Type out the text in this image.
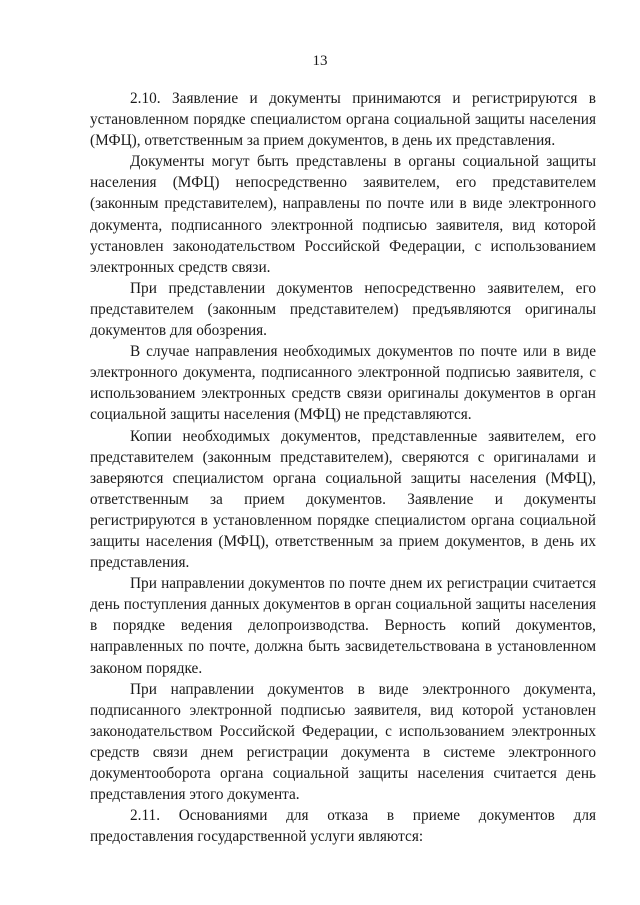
13

2.10. Заявление и документы принимаются и регистрируются в установленном порядке специалистом органа социальной защиты населения (МФЦ), ответственным за прием документов, в день их представления.

Документы могут быть представлены в органы социальной защиты населения (МФЦ) непосредственно заявителем, его представителем (законным представителем), направлены по почте или в виде электронного документа, подписанного электронной подписью заявителя, вид которой установлен законодательством Российской Федерации, с использованием электронных средств связи.

При представлении документов непосредственно заявителем, его представителем (законным представителем) предъявляются оригиналы документов для обозрения.

В случае направления необходимых документов по почте или в виде электронного документа, подписанного электронной подписью заявителя, с использованием электронных средств связи оригиналы документов в орган социальной защиты населения (МФЦ) не представляются.

Копии необходимых документов, представленные заявителем, его представителем (законным представителем), сверяются с оригиналами и заверяются специалистом органа социальной защиты населения (МФЦ), ответственным за прием документов. Заявление и документы регистрируются в установленном порядке специалистом органа социальной защиты населения (МФЦ), ответственным за прием документов, в день их представления.

При направлении документов по почте днем их регистрации считается день поступления данных документов в орган социальной защиты населения в порядке ведения делопроизводства. Верность копий документов, направленных по почте, должна быть засвидетельствована в установленном законом порядке.

При направлении документов в виде электронного документа, подписанного электронной подписью заявителя, вид которой установлен законодательством Российской Федерации, с использованием электронных средств связи днем регистрации документа в системе электронного документооборота органа социальной защиты населения считается день представления этого документа.

2.11. Основаниями для отказа в приеме документов для предоставления государственной услуги являются:
